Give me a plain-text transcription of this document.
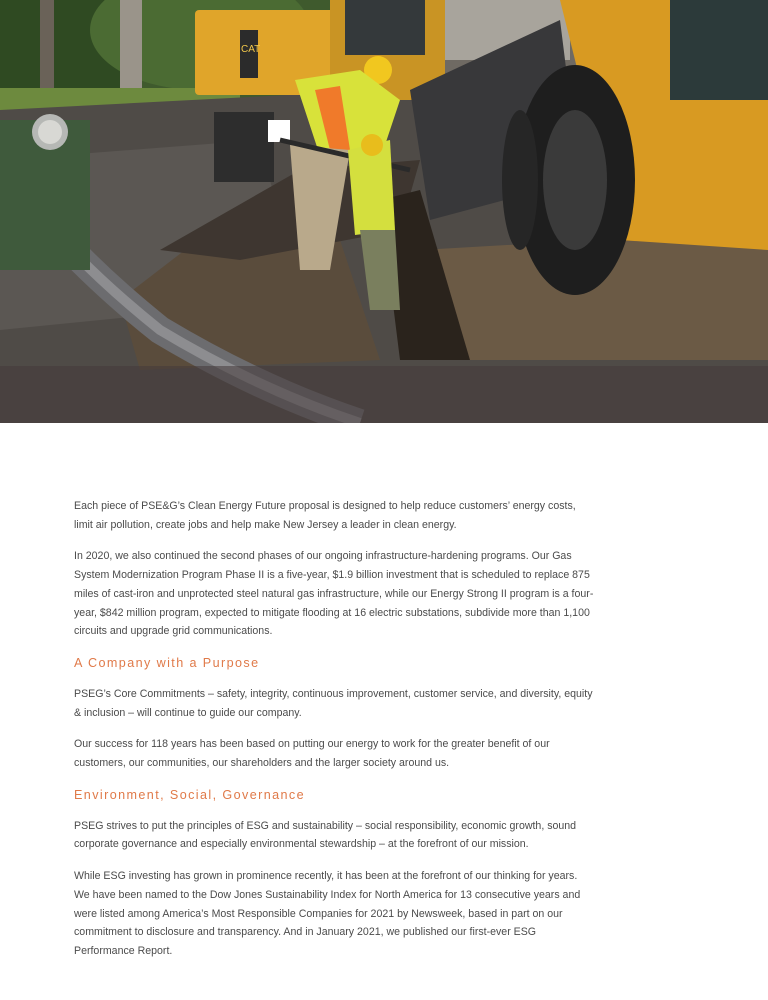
CAT

Each piece of PSE&G’s Clean Energy Future proposal is designed to help reduce customers’ energy costs, limit air pollution, create jobs and help make New Jersey a leader in clean energy.

In 2020, we also continued the second phases of our ongoing infrastructure-hardening programs. Our Gas System Modernization Program Phase II is a five-year, $1.9 billion investment that is scheduled to replace 875 miles of cast-iron and unprotected steel natural gas infrastructure, while our Energy Strong II program is a four-year, $842 million program, expected to mitigate flooding at 16 electric substations, subdivide more than 1,100 circuits and upgrade grid communications.

A Company with a Purpose

PSEG’s Core Commitments – safety, integrity, continuous improvement, customer service, and diversity, equity & inclusion – will continue to guide our company.

Our success for 118 years has been based on putting our energy to work for the greater benefit of our customers, our communities, our shareholders and the larger society around us.

Environment, Social, Governance

PSEG strives to put the principles of ESG and sustainability – social responsibility, economic growth, sound corporate governance and especially environmental stewardship – at the forefront of our mission.

While ESG investing has grown in prominence recently, it has been at the forefront of our thinking for years. We have been named to the Dow Jones Sustainability Index for North America for 13 consecutive years and were listed among America’s Most Responsible Companies for 2021 by Newsweek, based in part on our commitment to disclosure and transparency. And in January 2021, we published our first-ever ESG Performance Report.
